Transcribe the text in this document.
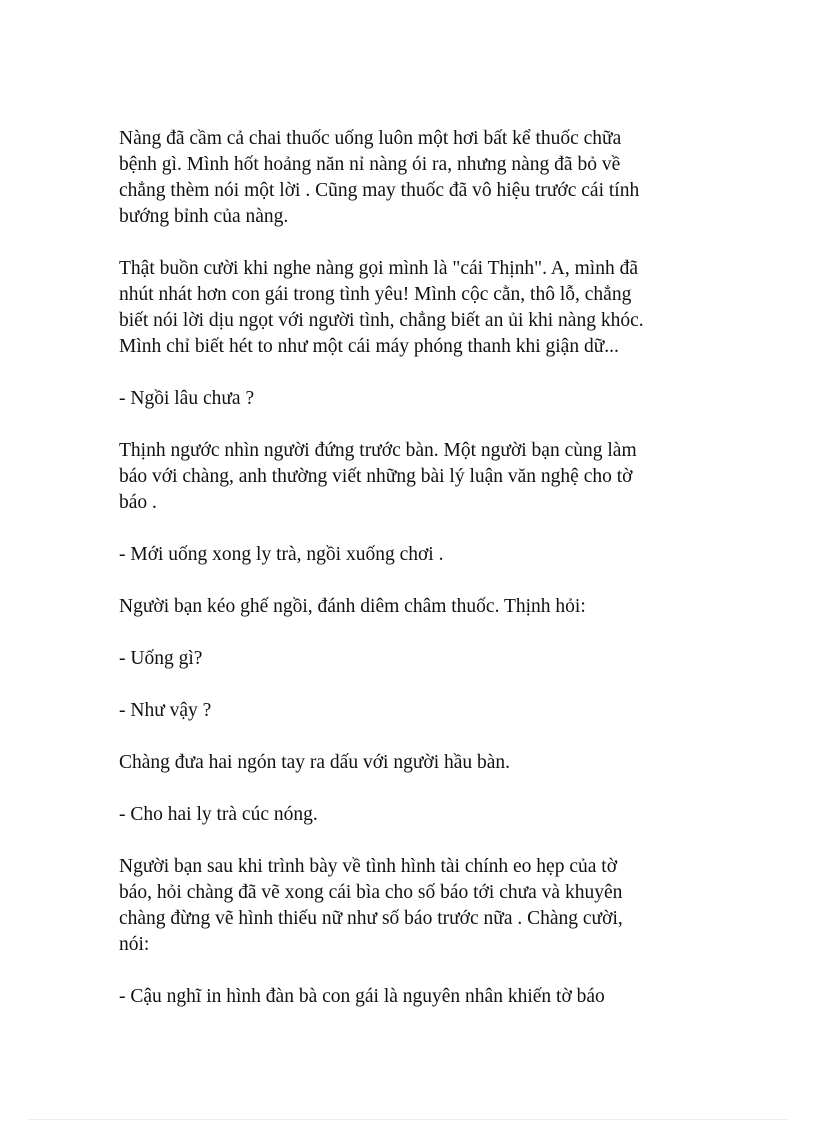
Nàng đã cầm cả chai thuốc uống luôn một hơi bất kể thuốc chữa
bệnh gì. Mình hốt hoảng năn nỉ nàng ói ra, nhưng nàng đã bỏ về
chẳng thèm nói một lời . Cũng may thuốc đã vô hiệu trước cái tính
bướng bỉnh của nàng.

Thật buồn cười khi nghe nàng gọi mình là "cái Thịnh". A, mình đã
nhút nhát hơn con gái trong tình yêu! Mình cộc cằn, thô lỗ, chẳng
biết nói lời dịu ngọt với người tình, chẳng biết an ủi khi nàng khóc.
Mình chỉ biết hét to như một cái máy phóng thanh khi giận dữ...

- Ngồi lâu chưa ?

Thịnh ngước nhìn người đứng trước bàn. Một người bạn cùng làm
báo với chàng, anh thường viết những bài lý luận văn nghệ cho tờ
báo .

- Mới uống xong ly trà, ngồi xuống chơi .

Người bạn kéo ghế ngồi, đánh diêm châm thuốc. Thịnh hỏi:

- Uống gì?

- Như vậy ?

Chàng đưa hai ngón tay ra dấu với người hầu bàn.

- Cho hai ly trà cúc nóng.

Người bạn sau khi trình bày về tình hình tài chính eo hẹp của tờ
báo, hỏi chàng đã vẽ xong cái bìa cho số báo tới chưa và khuyên
chàng đừng vẽ hình thiếu nữ như số báo trước nữa . Chàng cười,
nói:

- Cậu nghĩ in hình đàn bà con gái là nguyên nhân khiến tờ báo
